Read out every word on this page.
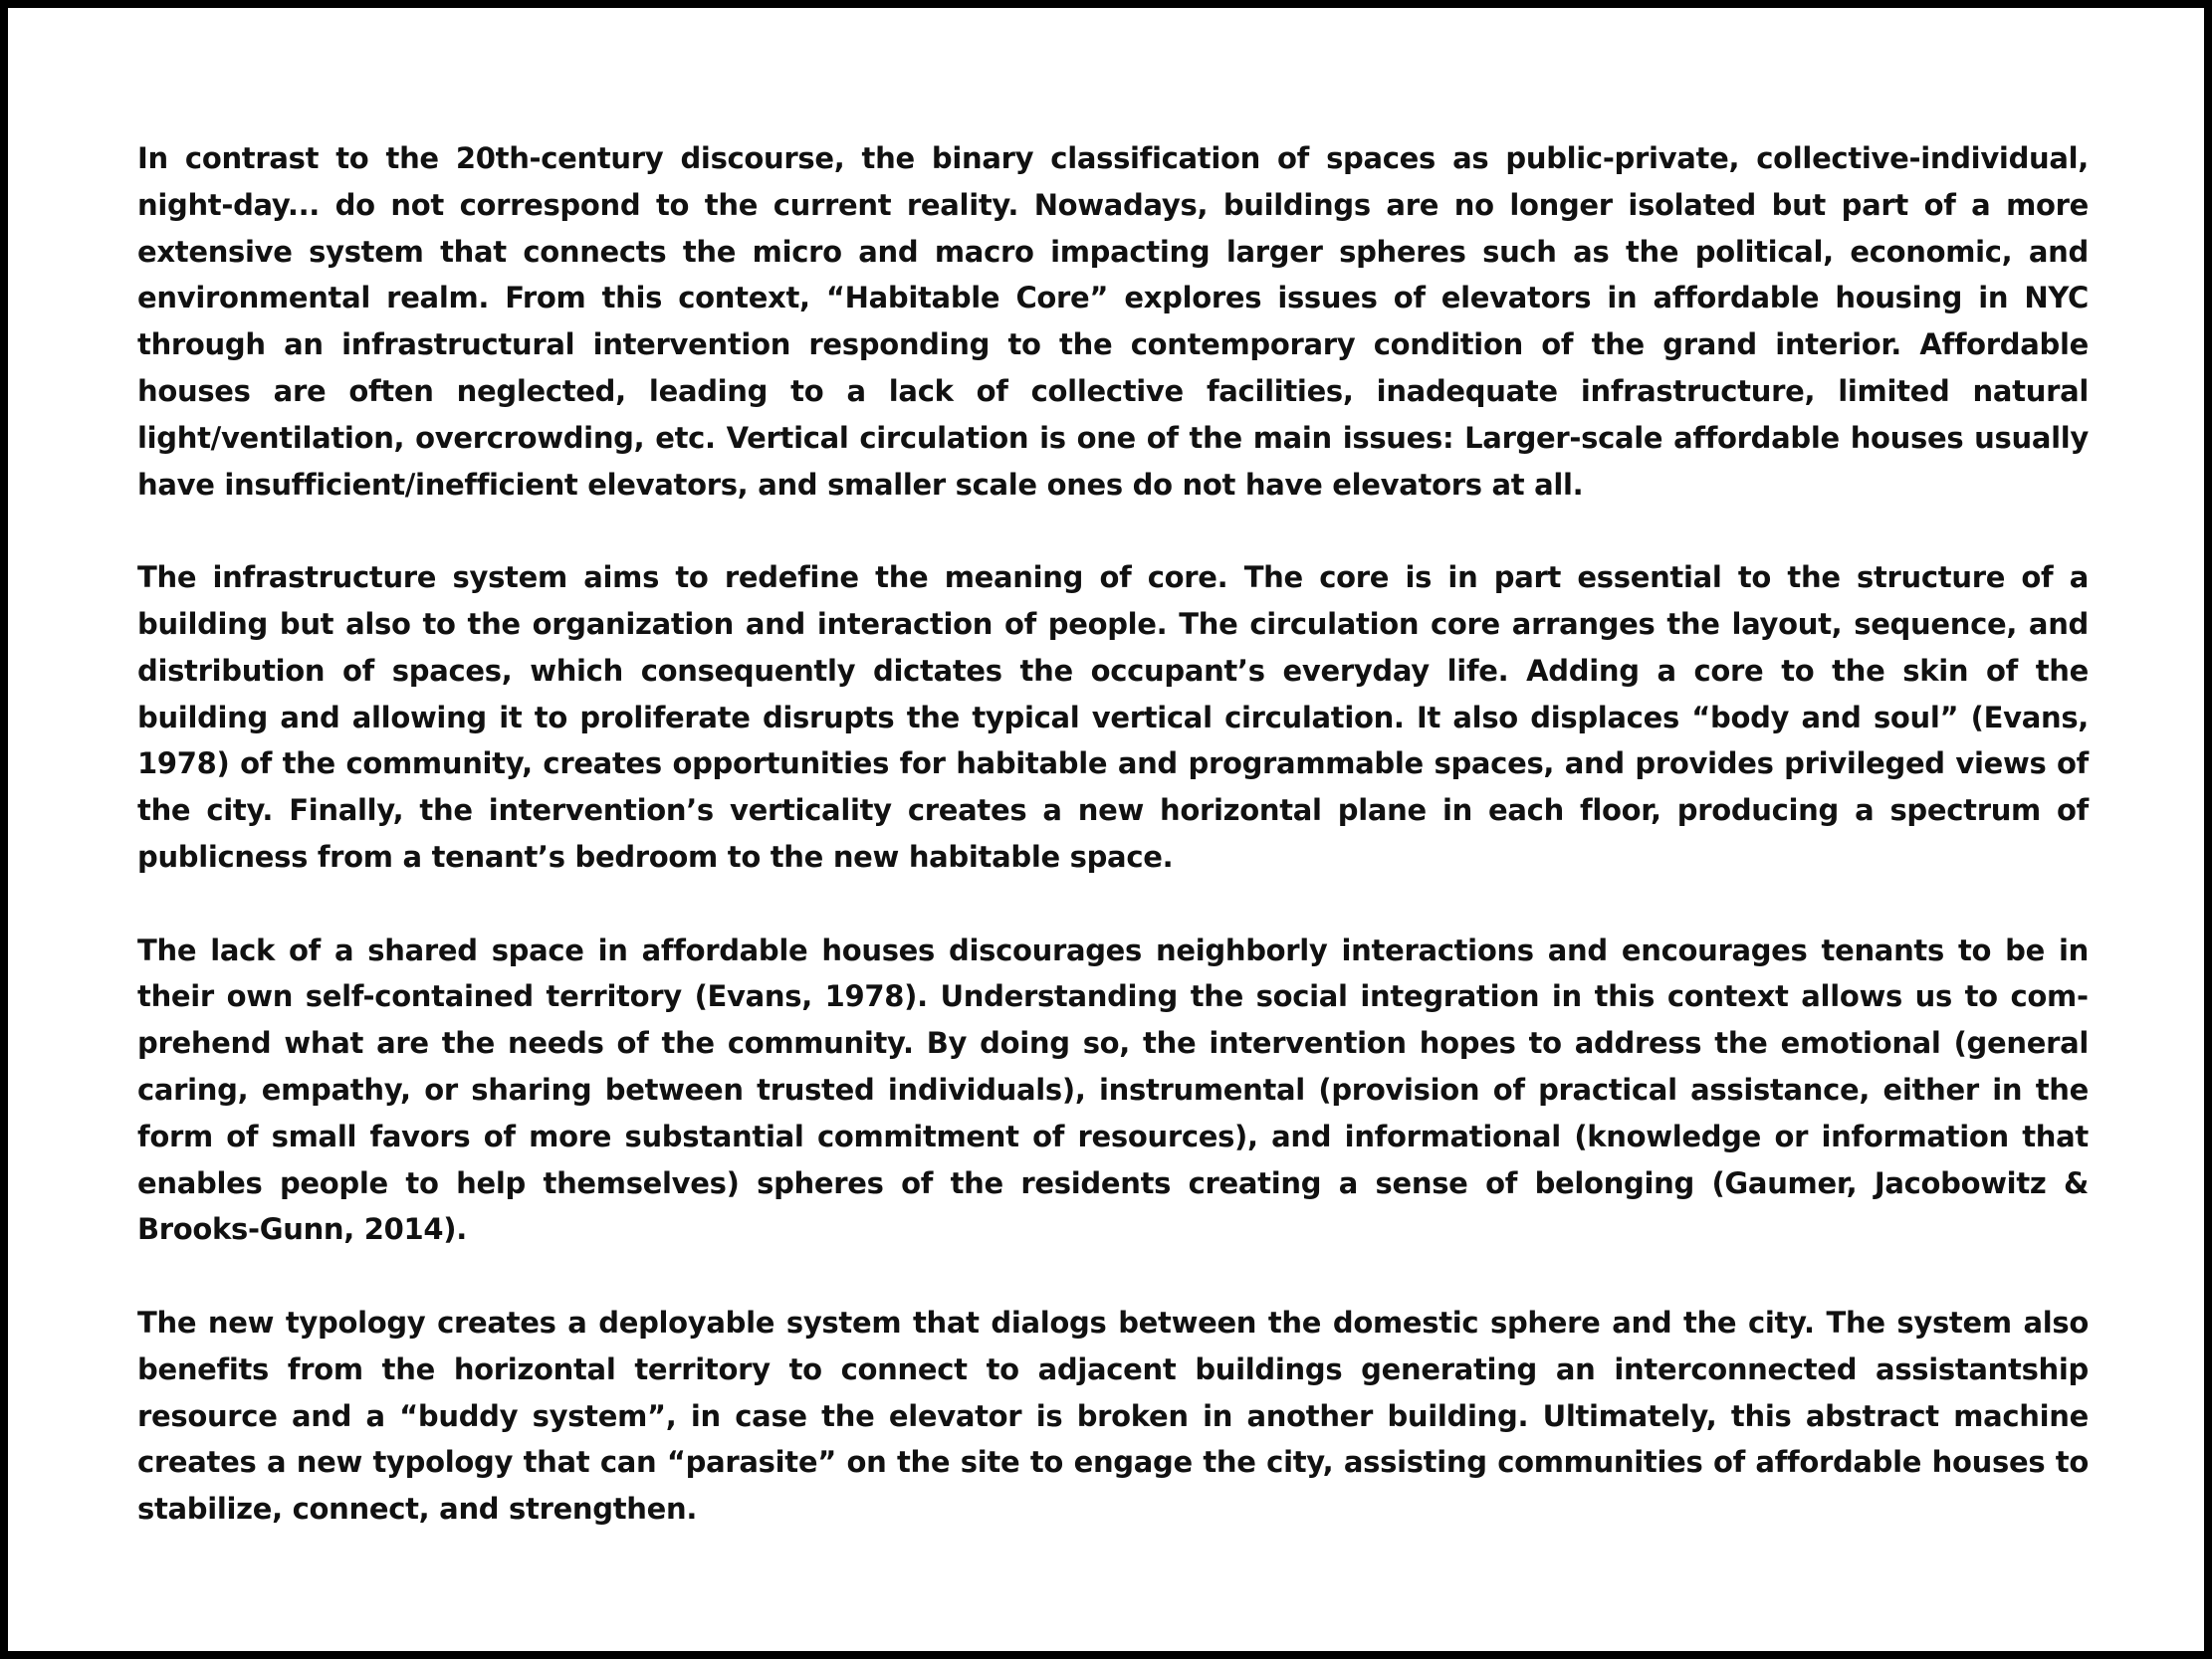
In contrast to the 20th-century discourse, the binary classification of spaces as public-private, collective-individual, night-day... do not correspond to the current reality. Nowadays, buildings are no longer isolated but part of a more extensive system that connects the micro and macro impacting larger spheres such as the political, economic, and environmental realm. From this context, “Habitable Core” explores issues of elevators in affordable housing in NYC through an infrastructural intervention responding to the contemporary condition of the grand interior. Affordable houses are often neglected, leading to a lack of collective facilities, inadequate infrastructure, limited natural light/ventilation, overcrowding, etc. Vertical circulation is one of the main issues: Larger-scale affordable houses usually have insufficient/inefficient elevators, and smaller scale ones do not have elevators at all.

The infrastructure system aims to redefine the meaning of core. The core is in part essential to the structure of a building but also to the organization and interaction of people. The circulation core arranges the layout, sequence, and distribution of spaces, which consequently dictates the occupant’s everyday life. Adding a core to the skin of the building and allowing it to proliferate disrupts the typical vertical circulation. It also displaces “body and soul” (Evans, 1978) of the community, creates opportunities for habitable and programmable spaces, and provides privileged views of the city. Finally, the intervention’s verticality creates a new horizontal plane in each floor, producing a spectrum of publicness from a tenant’s bedroom to the new habitable space.

The lack of a shared space in affordable houses discourages neighborly interactions and encourages tenants to be in their own self-contained territory (Evans, 1978). Understanding the social integration in this context allows us to comprehend what are the needs of the community. By doing so, the intervention hopes to address the emotional (general caring, empathy, or sharing between trusted individuals), instrumental (provision of practical assistance, either in the form of small favors of more substantial commitment of resources), and informational (knowledge or information that enables people to help themselves) spheres of the residents creating a sense of belonging (Gaumer, Jacobowitz & Brooks-Gunn, 2014).

The new typology creates a deployable system that dialogs between the domestic sphere and the city. The system also benefits from the horizontal territory to connect to adjacent buildings generating an interconnected assistantship resource and a “buddy system”, in case the elevator is broken in another building. Ultimately, this abstract machine creates a new typology that can “parasite” on the site to engage the city, assisting communities of affordable houses to stabilize, connect, and strengthen.
